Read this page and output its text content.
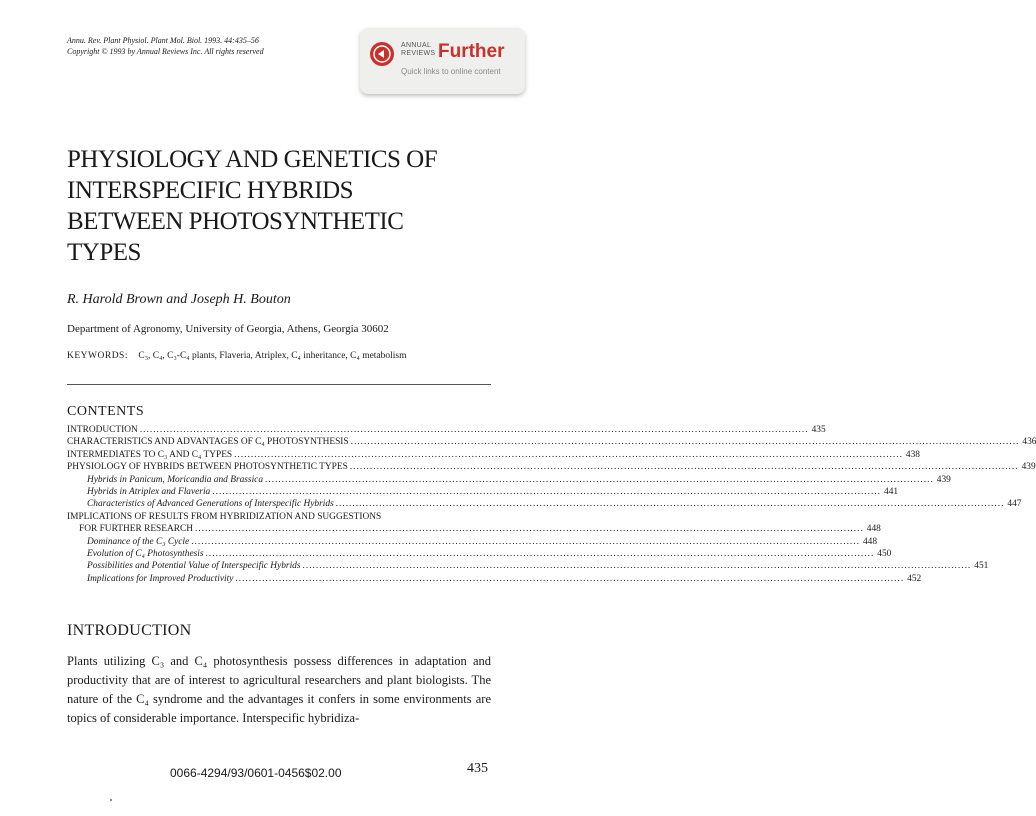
Annu. Rev. Plant Physiol. Plant Mol. Biol. 1993. 44:435–56
Copyright © 1993 by Annual Reviews Inc. All rights reserved
ANNUAL
REVIEWS Further
Quick links to online content
PHYSIOLOGY AND GENETICS OF
INTERSPECIFIC HYBRIDS
BETWEEN PHOTOSYNTHETIC
TYPES
R. Harold Brown and Joseph H. Bouton
Department of Agronomy, University of Georgia, Athens, Georgia 30602
KEYWORDS: C₃, C₄, C₃-C₄ plants, Flaveria, Atriplex, C₄ inheritance, C₄ metabolism
CONTENTS
INTRODUCTION ........................................................................................................................................................................................................ 435
CHARACTERISTICS AND ADVANTAGES OF C₄ PHOTOSYNTHESIS ........................................................................................................................................................................................................ 436
INTERMEDIATES TO C₃ AND C₄ TYPES ........................................................................................................................................................................................................ 438
PHYSIOLOGY OF HYBRIDS BETWEEN PHOTOSYNTHETIC TYPES ........................................................................................................................................................................................................ 439
Hybrids in Panicum, Moricandia and Brassica ........................................................................................................................................................................................................ 439
Hybrids in Atriplex and Flaveria ........................................................................................................................................................................................................ 441
Characteristics of Advanced Generations of Interspecific Hybrids ........................................................................................................................................................................................................ 447
IMPLICATIONS OF RESULTS FROM HYBRIDIZATION AND SUGGESTIONS
FOR FURTHER RESEARCH ........................................................................................................................................................................................................ 448
Dominance of the C₃ Cycle ........................................................................................................................................................................................................ 448
Evolution of C₄ Photosynthesis ........................................................................................................................................................................................................ 450
Possibilities and Potential Value of Interspecific Hybrids ........................................................................................................................................................................................................ 451
Implications for Improved Productivity ........................................................................................................................................................................................................ 452
INTRODUCTION
Plants utilizing C₃ and C₄ photosynthesis possess differences in adaptation and productivity that are of interest to agricultural researchers and plant biologists. The nature of the C₄ syndrome and the advantages it confers in some environments are topics of considerable importance. Interspecific hybridiza-
0066-4294/93/0601-0456$02.00	435
